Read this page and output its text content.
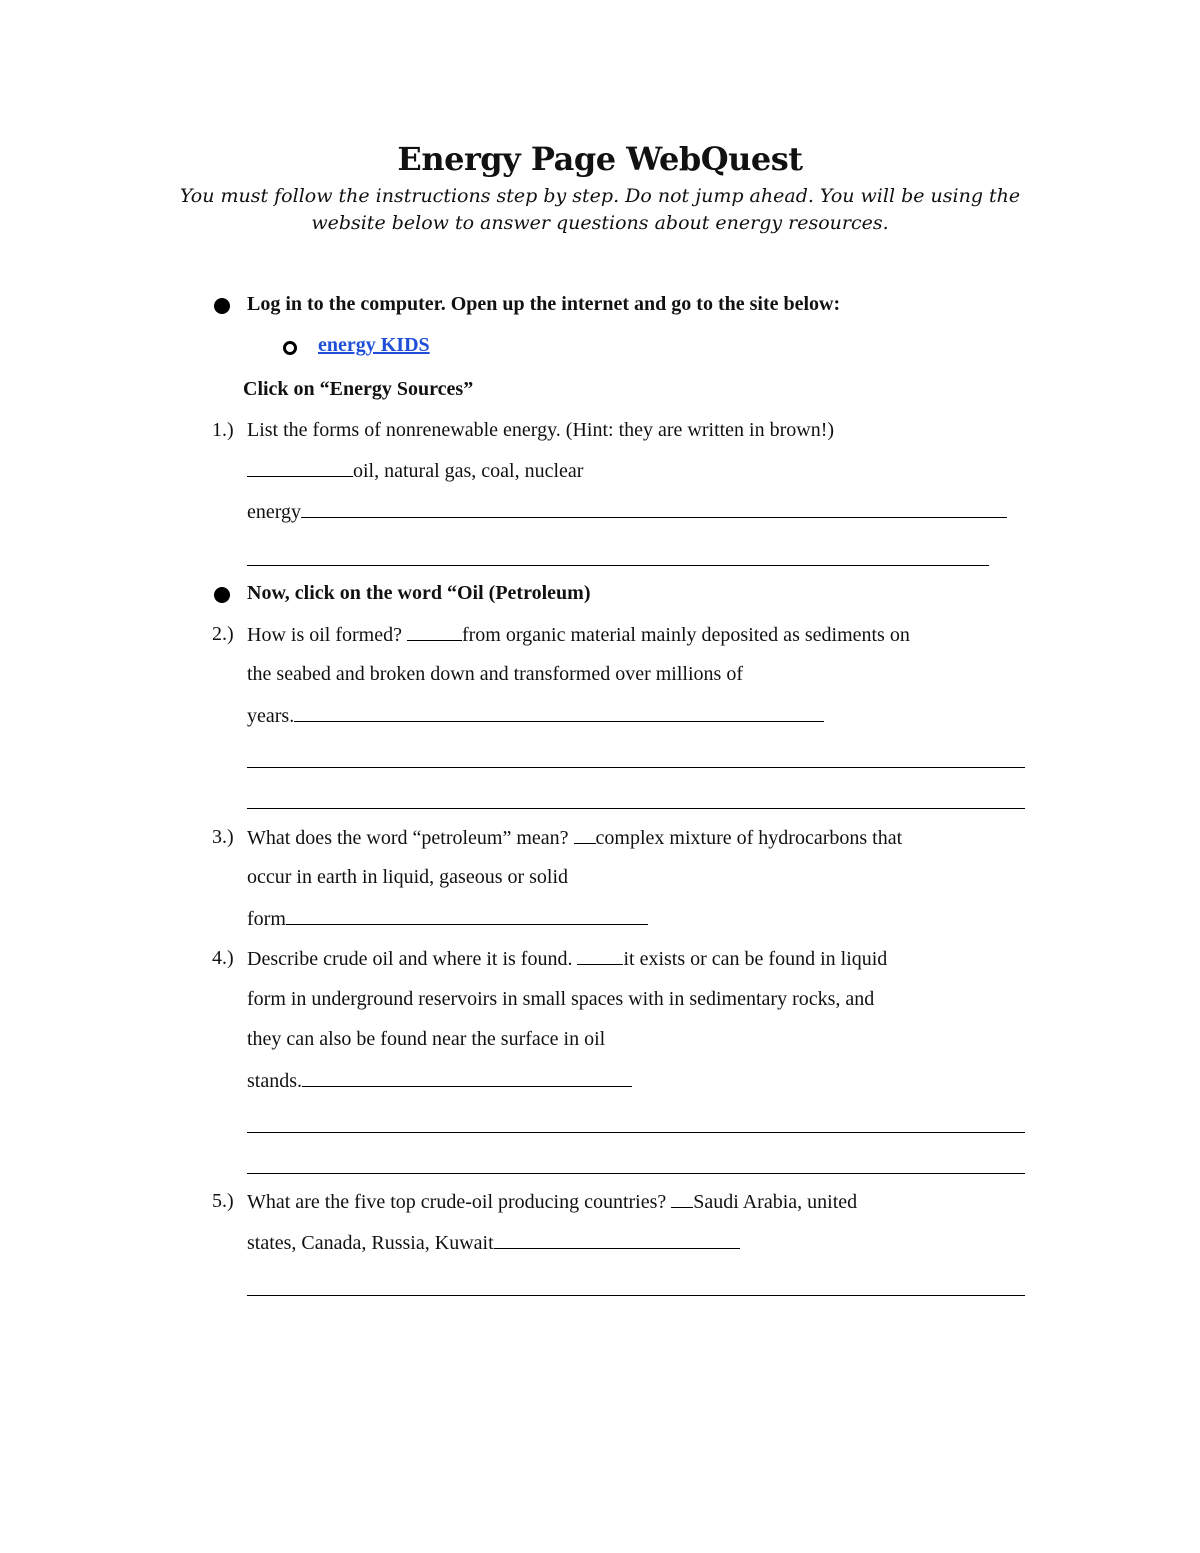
Energy Page WebQuest
You must follow the instructions step by step. Do not jump ahead. You will be using the
website below to answer questions about energy resources.
Log in to the computer. Open up the internet and go to the site below:
energy KIDS
Click on “Energy Sources”
1.) List the forms of nonrenewable energy. (Hint: they are written in brown!)
oil, natural gas, coal, nuclear
energy
Now, click on the word “Oil (Petroleum)
2.) How is oil formed?	from organic material mainly deposited as sediments on
the seabed and broken down and transformed over millions of
years.
3.) What does the word “petroleum” mean? complex mixture of hydrocarbons that
occur in earth in liquid, gaseous or solid
form
4.) Describe crude oil and where it is found.	it exists or can be found in liquid
form in underground reservoirs in small spaces with in sedimentary rocks, and
they can also be found near the surface in oil
stands.
5.) What are the five top crude-oil producing countries? Saudi Arabia, united
states, Canada, Russia, Kuwait
